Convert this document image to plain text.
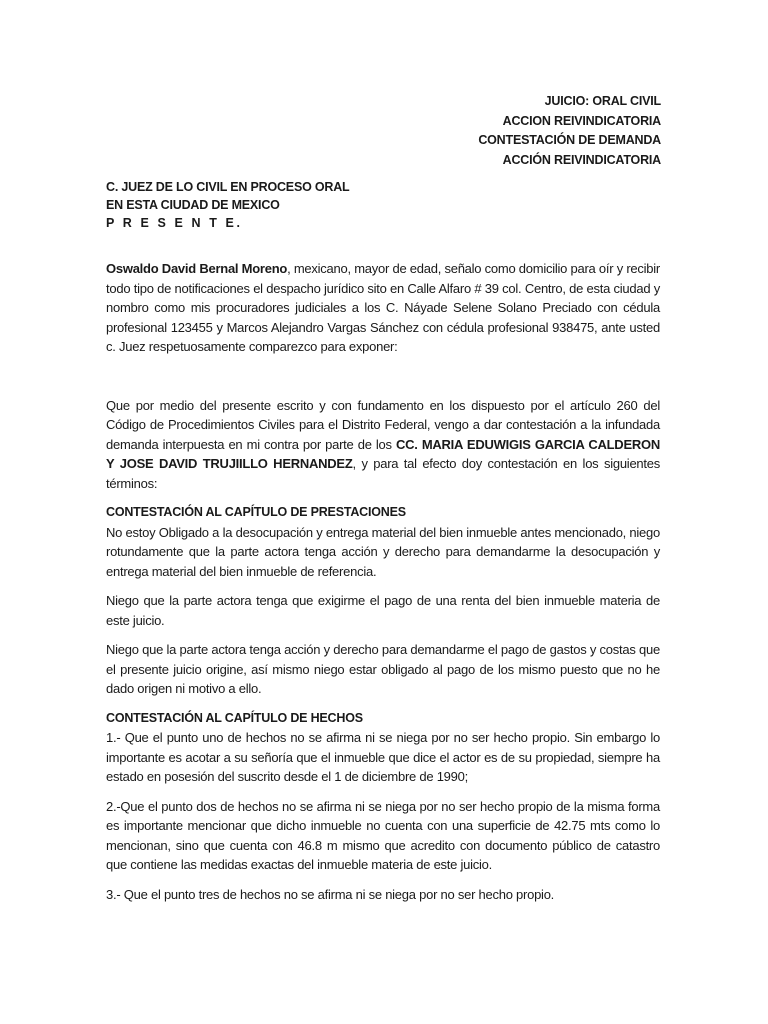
JUICIO: ORAL CIVIL
ACCION REIVINDICATORIA
CONTESTACIÓN DE DEMANDA
ACCIÓN REIVINDICATORIA
C. JUEZ DE LO CIVIL EN PROCESO ORAL
EN ESTA CIUDAD DE MEXICO
P R E S E N T E.

Oswaldo David Bernal Moreno, mexicano, mayor de edad, señalo como domicilio para oír y recibir todo tipo de notificaciones el despacho jurídico sito en Calle Alfaro # 39 col. Centro, de esta ciudad y nombro como mis procuradores judiciales a los C. Náyade Selene Solano Preciado con cédula profesional 123455 y Marcos Alejandro Vargas Sánchez con cédula profesional 938475, ante usted c. Juez respetuosamente comparezco para exponer:

Que por medio del presente escrito y con fundamento en los dispuesto por el artículo 260 del Código de Procedimientos Civiles para el Distrito Federal, vengo a dar contestación a la infundada demanda interpuesta en mi contra por parte de los CC. MARIA EDUWIGIS GARCIA CALDERON Y JOSE DAVID TRUJIILLO HERNANDEZ, y para tal efecto doy contestación en los siguientes términos:

CONTESTACIÓN AL CAPÍTULO DE PRESTACIONES

No estoy Obligado a la desocupación y entrega material del bien inmueble antes mencionado, niego rotundamente que la parte actora tenga acción y derecho para demandarme la desocupación y entrega material del bien inmueble de referencia.

Niego que la parte actora tenga que exigirme el pago de una renta del bien inmueble materia de este juicio.

Niego que la parte actora tenga acción y derecho para demandarme el pago de gastos y costas que el presente juicio origine, así mismo niego estar obligado al pago de los mismo puesto que no he dado origen ni motivo a ello.

CONTESTACIÓN AL CAPÍTULO DE HECHOS

1.- Que el punto uno de hechos no se afirma ni se niega por no ser hecho propio. Sin embargo lo importante es acotar a su señoría que el inmueble que dice el actor es de su propiedad, siempre ha estado en posesión del suscrito desde el 1 de diciembre de 1990;

2.-Que el punto dos de hechos no se afirma ni se niega por no ser hecho propio de la misma forma es importante mencionar que dicho inmueble no cuenta con una superficie de 42.75 mts como lo mencionan, sino que cuenta con 46.8 m mismo que acredito con documento público de catastro que contiene las medidas exactas del inmueble materia de este juicio.

3.- Que el punto tres de hechos no se afirma ni se niega por no ser hecho propio.
